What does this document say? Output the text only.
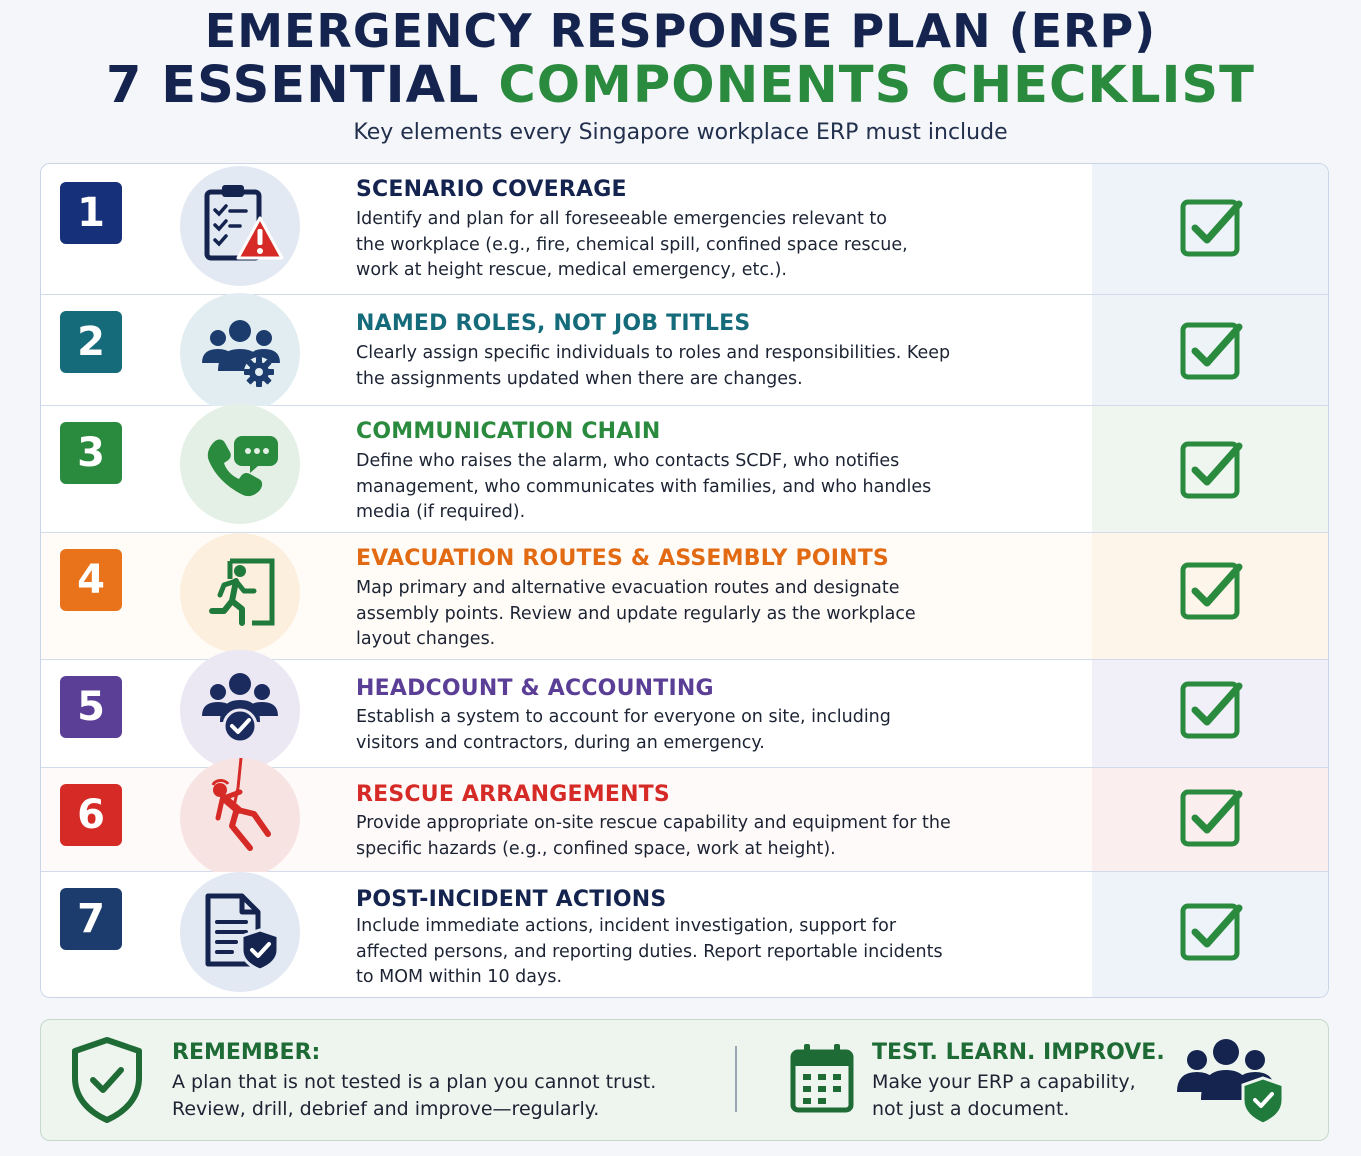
EMERGENCY RESPONSE PLAN (ERP)
7 ESSENTIAL COMPONENTS CHECKLIST
Key elements every Singapore workplace ERP must include
1
SCENARIO COVERAGE
Identify and plan for all foreseeable emergencies relevant to the workplace (e.g., fire, chemical spill, confined space rescue, work at height rescue, medical emergency, etc.).
2	NAMED ROLES, NOT JOB TITLES
Clearly assign specific individuals to roles and responsibilities. Keep the assignments updated when there are changes.
3	COMMUNICATION CHAIN
Define who raises the alarm, who contacts SCDF, who notifies management, who communicates with families, and who handles media (if required).
4	EVACUATION ROUTES & ASSEMBLY POINTS
Map primary and alternative evacuation routes and designate assembly points. Review and update regularly as the workplace layout changes.
5	HEADCOUNT & ACCOUNTING
Establish a system to account for everyone on site, including visitors and contractors, during an emergency.
6	RESCUE ARRANGEMENTS
Provide appropriate on-site rescue capability and equipment for the specific hazards (e.g., confined space, work at height).
7	POST-INCIDENT ACTIONS
Include immediate actions, incident investigation, support for affected persons, and reporting duties. Report reportable incidents to MOM within 10 days.
REMEMBER:
A plan that is not tested is a plan you cannot trust.
Review, drill, debrief and improve—regularly.
TEST. LEARN. IMPROVE.
Make your ERP a capability,
not just a document.
